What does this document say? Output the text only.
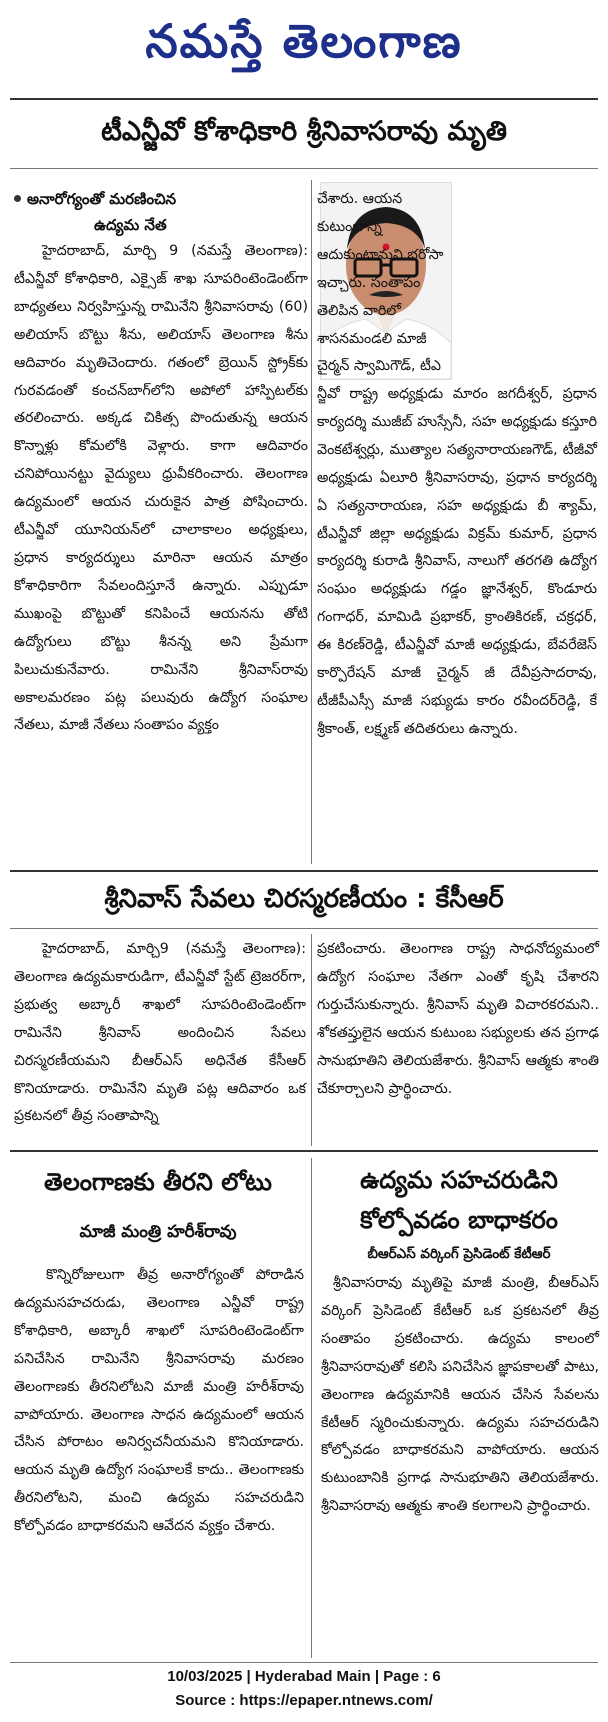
నమస్తే తెలంగాణ
టీఎన్జీవో కోశాధికారి శ్రీనివాసరావు మృతి
అనారోగ్యంతో మరణించిన
ఉద్యమ నేత

హైదరాబాద్, మార్చి 9 (నమస్తే తెలంగాణ): టీఎన్జీవో కోశాధికారి, ఎక్సైజ్ శాఖ సూపరింటెండెంట్‌గా బాధ్యతలు నిర్వహిస్తున్న రామినేని శ్రీనివాసరావు (60) అలియాస్ బొట్టు శీను, అలియాస్ తెలంగాణ శీను ఆదివారం మృతిచెందారు. గతంలో బ్రెయిన్ స్ట్రోక్‌కు గురవడంతో కంచన్‌బాగ్‌లోని అపోలో హాస్పిటల్‌కు తరలించారు. అక్కడ చికిత్స పొందుతున్న ఆయన కొన్నాళ్లు కోమలోకి వెళ్లారు. కాగా ఆదివారం చనిపోయినట్టు వైద్యులు ధ్రువీకరించారు. తెలంగాణ ఉద్యమంలో ఆయన చురుకైన పాత్ర పోషించారు. టీఎన్జీవో యూనియన్‌లో చాలాకాలం అధ్యక్షులు, ప్రధాన కార్యదర్శులు మారినా ఆయన మాత్రం కోశాధికారిగా సేవలందిస్తూనే ఉన్నారు. ఎప్పుడూ ముఖంపై బొట్టుతో కనిపించే ఆయనను తోటి ఉద్యోగులు బొట్టు శీనన్న అని ప్రేమగా పిలుచుకునేవారు. రామినేని శ్రీనివాస్‌రావు అకాలమరణం పట్ల పలువురు ఉద్యోగ సంఘాల నేతలు, మాజీ నేతలు సంతాపం వ్యక్తం

చేశారు. ఆయన కుటుంబాన్ని ఆదుకుంటామని భరోసా ఇచ్చారు. సంతాపం తెలిపిన వారిలో శాసనమండలి మాజీ చైర్మన్ స్వామిగౌడ్, టీఎ

న్జీవో రాష్ట్ర అధ్యక్షుడు మారం జగదీశ్వర్, ప్రధాన కార్యదర్శి ముజీబ్ హుస్సేనీ, సహ అధ్యక్షుడు కస్తూరి వెంకటేశ్వర్లు, ముత్యాల సత్యనారాయణగౌడ్, టీజీవో అధ్యక్షుడు ఏలూరి శ్రీనివాసరావు, ప్రధాన కార్యదర్శి ఏ సత్యనారాయణ, సహ అధ్యక్షుడు బీ శ్యామ్, టీఎన్జీవో జిల్లా అధ్యక్షుడు విక్రమ్ కుమార్, ప్రధాన కార్యదర్శి కురాడి శ్రీనివాస్, నాలుగో తరగతి ఉద్యోగ సంఘం అధ్యక్షుడు గడ్డం జ్ఞానేశ్వర్, కొండూరు గంగాధర్, మామిడి ప్రభాకర్, క్రాంతికిరణ్, చక్రధర్, ఈ కిరణ్‌రెడ్డి, టీఎన్జీవో మాజీ అధ్యక్షుడు, బేవరేజెస్ కార్పొరేషన్ మాజీ చైర్మన్ జీ దేవీప్రసాదరావు, టీజీపీఎస్సీ మాజీ సభ్యుడు కారం రవీందర్‌రెడ్డి, కే శ్రీకాంత్, లక్ష్మణ్ తదితరులు ఉన్నారు.

శ్రీనివాస్ సేవలు చిరస్మరణీయం : కేసీఆర్

హైదరాబాద్, మార్చి9 (నమస్తే తెలంగాణ): తెలంగాణ ఉద్యమకారుడిగా, టీఎన్జీవో స్టేట్ ట్రెజరర్‌గా, ప్రభుత్వ అబ్కారీ శాఖలో సూపరింటెండెంట్‌గా రామినేని శ్రీనివాస్ అందించిన సేవలు చిరస్మరణీయమని బీఆర్‌ఎస్ అధినేత కేసీఆర్ కొనియాడారు. రామినేని మృతి పట్ల ఆదివారం ఒక ప్రకటనలో తీవ్ర సంతాపాన్ని

ప్రకటించారు. తెలంగాణ రాష్ట్ర సాధనోద్యమంలో ఉద్యోగ సంఘాల నేతగా ఎంతో కృషి చేశారని గుర్తుచేసుకున్నారు. శ్రీనివాస్ మృతి విచారకరమని.. శోకతప్తులైన ఆయన కుటుంబ సభ్యులకు తన ప్రగాఢ సానుభూతిని తెలియజేశారు. శ్రీనివాస్ ఆత్మకు శాంతి చేకూర్చాలని ప్రార్థించారు.

తెలంగాణకు తీరని లోటు
మాజీ మంత్రి హరీశ్‌రావు

కొన్నిరోజులుగా తీవ్ర అనారోగ్యంతో పోరాడిన ఉద్యమసహచరుడు, తెలంగాణ ఎన్జీవో రాష్ట్ర కోశాధికారి, అబ్కారీ శాఖలో సూపరింటెండెంట్‌గా పనిచేసిన రామినేని శ్రీనివాసరావు మరణం తెలంగాణకు తీరనిలోటని మాజీ మంత్రి హరీశ్‌రావు వాపోయారు. తెలంగాణ సాధన ఉద్యమంలో ఆయన చేసిన పోరాటం అనిర్వచనీయమని కొనియాడారు. ఆయన మృతి ఉద్యోగ సంఘాలకే కాదు.. తెలంగాణకు తీరనిలోటని, మంచి ఉద్యమ సహచరుడిని కోల్పోవడం బాధాకరమని ఆవేదన వ్యక్తం చేశారు.

ఉద్యమ సహచరుడిని
కోల్పోవడం బాధాకరం
బీఆర్‌ఎస్ వర్కింగ్ ప్రెసిడెంట్ కేటీఆర్

శ్రీనివాసరావు మృతిపై మాజీ మంత్రి, బీఆర్‌ఎస్ వర్కింగ్ ప్రెసిడెంట్ కేటీఆర్ ఒక ప్రకటనలో తీవ్ర సంతాపం ప్రకటించారు. ఉద్యమ కాలంలో శ్రీనివాసరావుతో కలిసి పనిచేసిన జ్ఞాపకాలతో పాటు, తెలంగాణ ఉద్యమానికి ఆయన చేసిన సేవలను కేటీఆర్ స్మరించుకున్నారు. ఉద్యమ సహచరుడిని కోల్పోవడం బాధాకరమని వాపోయారు. ఆయన కుటుంబానికి ప్రగాఢ సానుభూతిని తెలియజేశారు. శ్రీనివాసరావు ఆత్మకు శాంతి కలగాలని ప్రార్థించారు.

10/03/2025 | Hyderabad Main | Page : 6
Source : https://epaper.ntnews.com/
